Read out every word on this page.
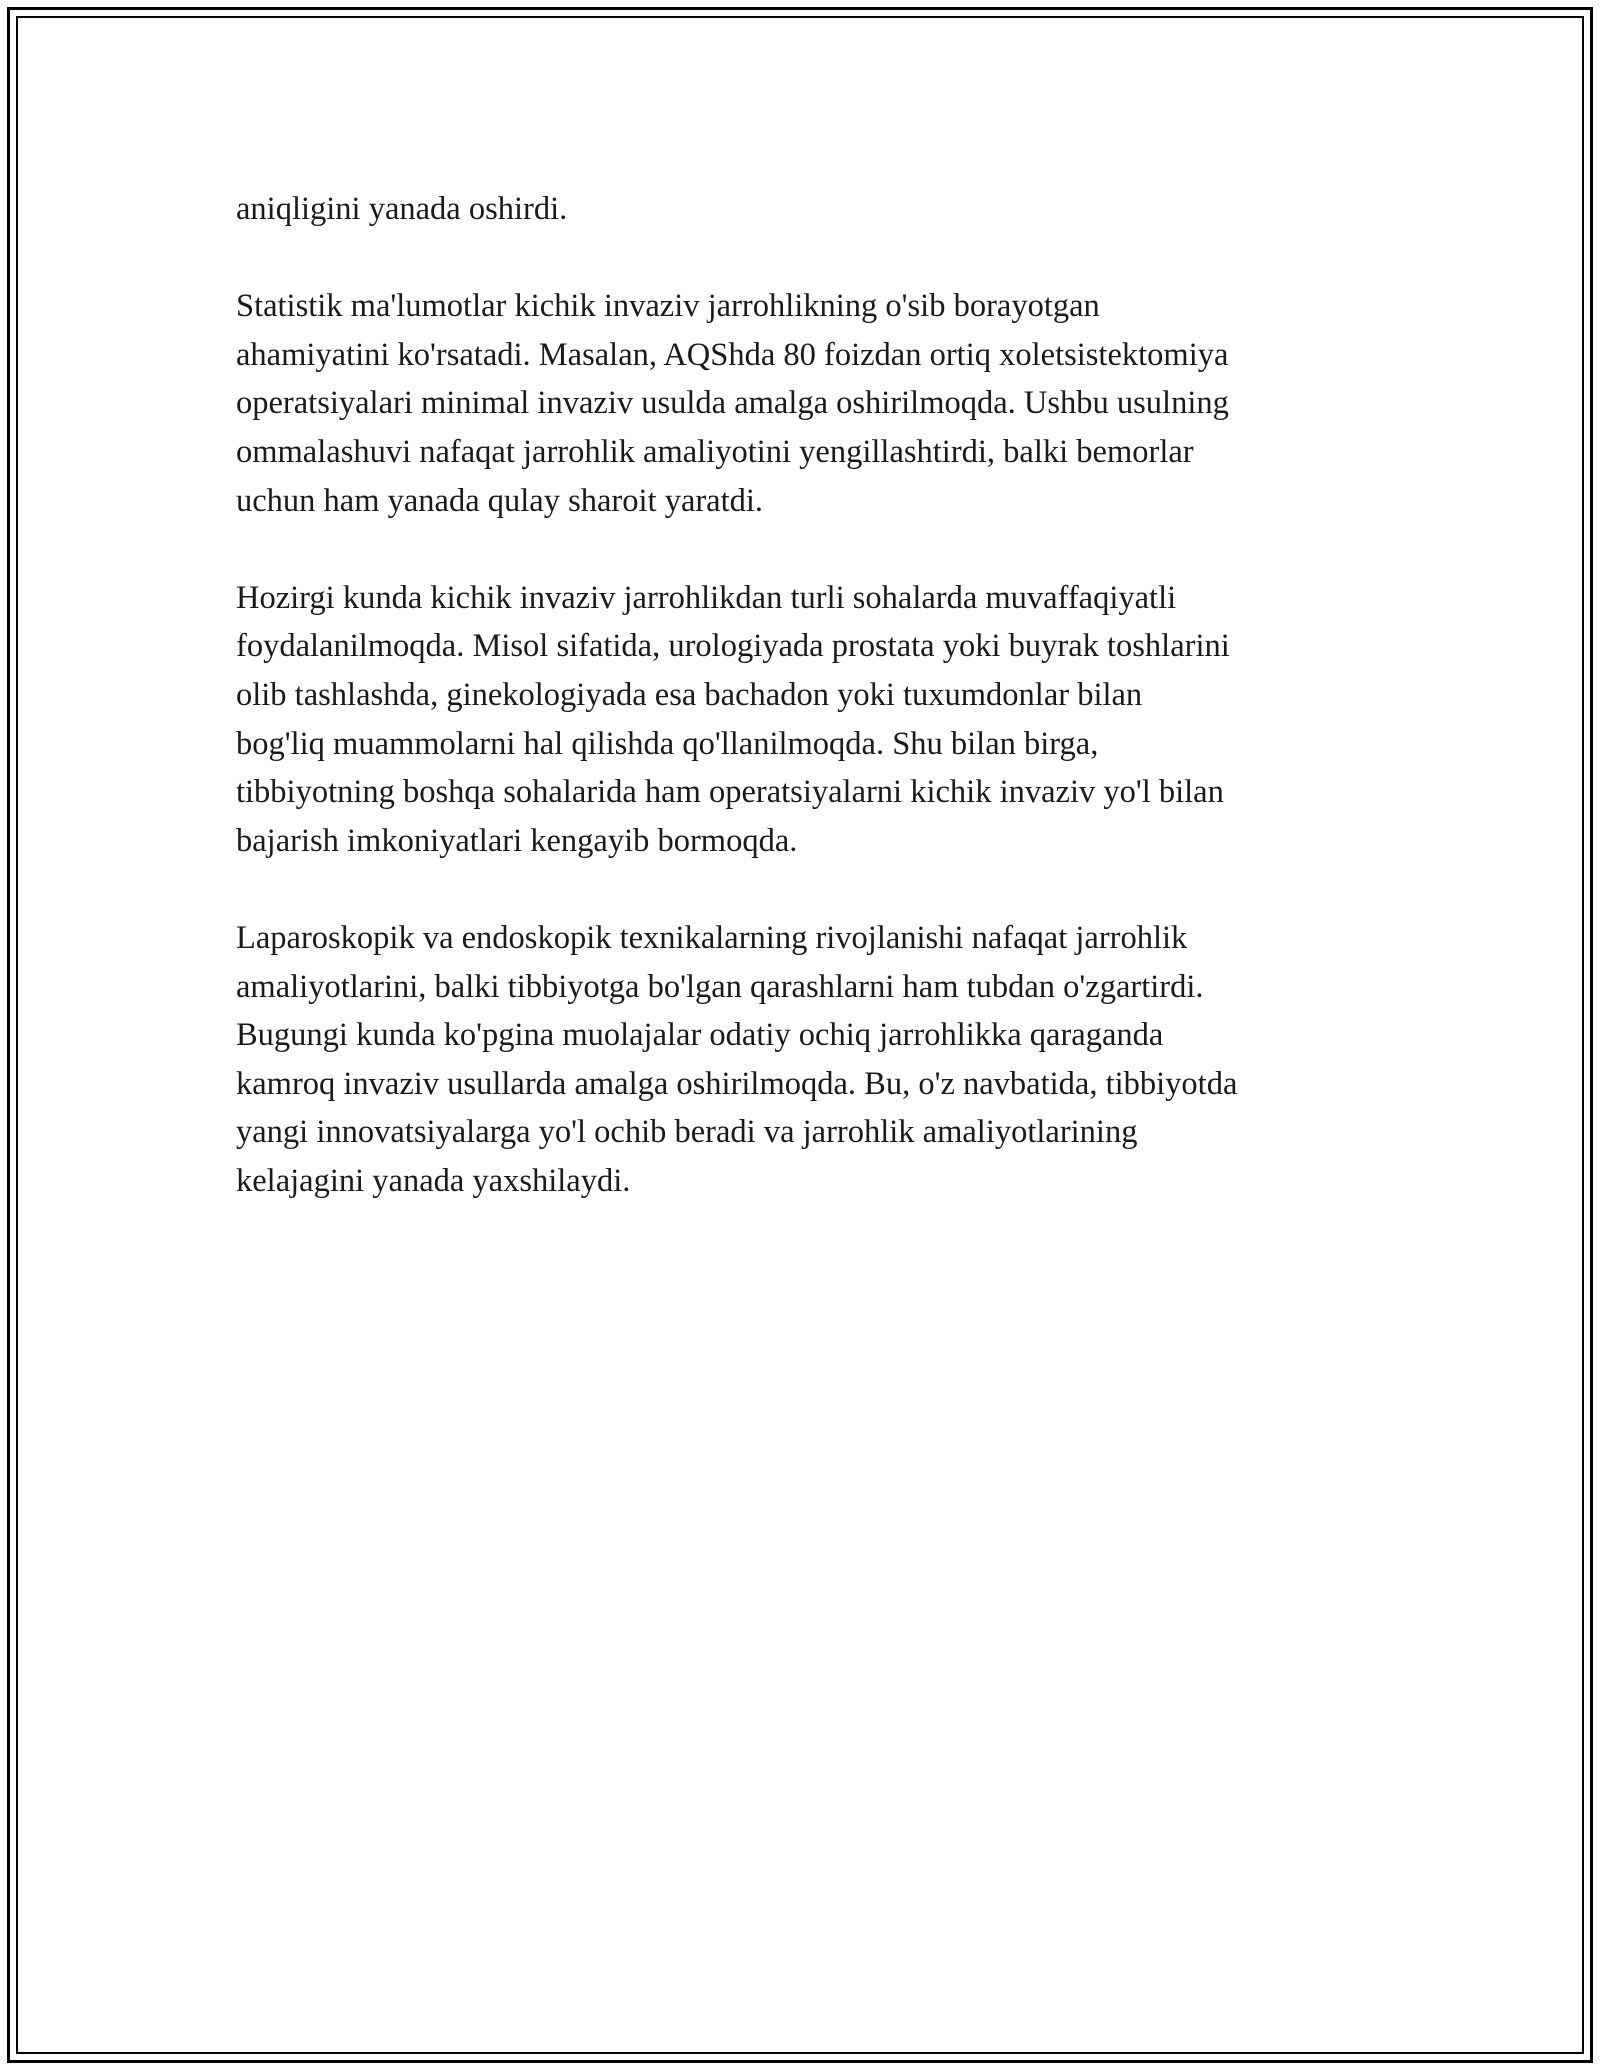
aniqligini yanada oshirdi.

Statistik ma'lumotlar kichik invaziv jarrohlikning o'sib borayotgan
ahamiyatini ko'rsatadi. Masalan, AQShda 80 foizdan ortiq xoletsistektomiya
operatsiyalari minimal invaziv usulda amalga oshirilmoqda. Ushbu usulning
ommalashuvi nafaqat jarrohlik amaliyotini yengillashtirdi, balki bemorlar
uchun ham yanada qulay sharoit yaratdi.

Hozirgi kunda kichik invaziv jarrohlikdan turli sohalarda muvaffaqiyatli
foydalanilmoqda. Misol sifatida, urologiyada prostata yoki buyrak toshlarini
olib tashlashda, ginekologiyada esa bachadon yoki tuxumdonlar bilan
bog'liq muammolarni hal qilishda qo'llanilmoqda. Shu bilan birga,
tibbiyotning boshqa sohalarida ham operatsiyalarni kichik invaziv yo'l bilan
bajarish imkoniyatlari kengayib bormoqda.

Laparoskopik va endoskopik texnikalarning rivojlanishi nafaqat jarrohlik
amaliyotlarini, balki tibbiyotga bo'lgan qarashlarni ham tubdan o'zgartirdi.
Bugungi kunda ko'pgina muolajalar odatiy ochiq jarrohlikka qaraganda
kamroq invaziv usullarda amalga oshirilmoqda. Bu, o'z navbatida, tibbiyotda
yangi innovatsiyalarga yo'l ochib beradi va jarrohlik amaliyotlarining
kelajagini yanada yaxshilaydi.
